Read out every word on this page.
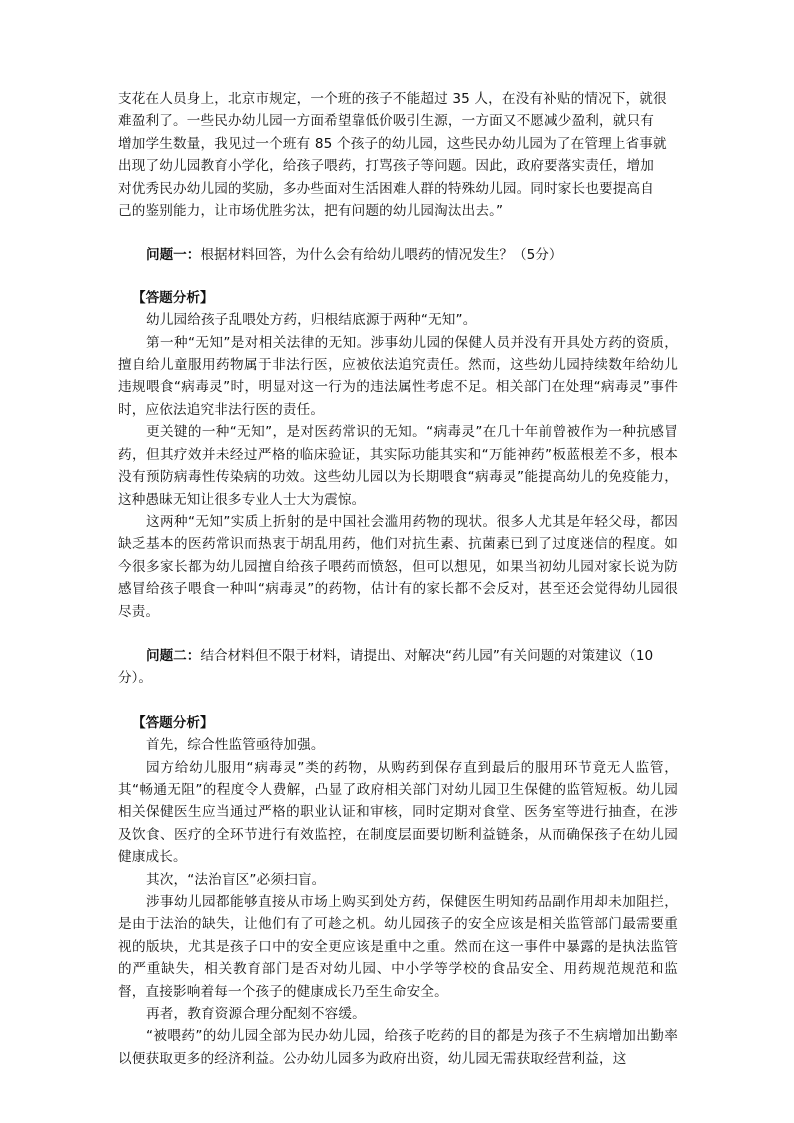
支花在人员身上，北京市规定，一个班的孩子不能超过 35 人，在没有补贴的情况下，就很

难盈利了。一些民办幼儿园一方面希望靠低价吸引生源，一方面又不愿减少盈利，就只有

增加学生数量，我见过一个班有 85 个孩子的幼儿园，这些民办幼儿园为了在管理上省事就

出现了幼儿园教育小学化，给孩子喂药，打骂孩子等问题。因此，政府要落实责任，增加

对优秀民办幼儿园的奖励，多办些面对生活困难人群的特殊幼儿园。同时家长也要提高自

己的鉴别能力，让市场优胜劣汰，把有问题的幼儿园淘汰出去。”

问题一：根据材料回答，为什么会有给幼儿喂药的情况发生？（5分）

【答题分析】

幼儿园给孩子乱喂处方药，归根结底源于两种“无知”。

第一种“无知”是对相关法律的无知。涉事幼儿园的保健人员并没有开具处方药的资质，擅自给儿童服用药物属于非法行医，应被依法追究责任。然而，这些幼儿园持续数年给幼儿违规喂食“病毒灵”时，明显对这一行为的违法属性考虑不足。相关部门在处理“病毒灵”事件时，应依法追究非法行医的责任。

更关键的一种“无知”，是对医药常识的无知。“病毒灵”在几十年前曾被作为一种抗感冒药，但其疗效并未经过严格的临床验证，其实际功能其实和“万能神药”板蓝根差不多，根本没有预防病毒性传染病的功效。这些幼儿园以为长期喂食“病毒灵”能提高幼儿的免疫能力，这种愚昧无知让很多专业人士大为震惊。

这两种“无知”实质上折射的是中国社会滥用药物的现状。很多人尤其是年轻父母，都因缺乏基本的医药常识而热衷于胡乱用药，他们对抗生素、抗菌素已到了过度迷信的程度。如今很多家长都为幼儿园擅自给孩子喂药而愤怒，但可以想见，如果当初幼儿园对家长说为防感冒给孩子喂食一种叫“病毒灵”的药物，估计有的家长都不会反对，甚至还会觉得幼儿园很尽责。

问题二：结合材料但不限于材料，请提出、对解决“药儿园”有关问题的对策建议（10分）。

【答题分析】

首先，综合性监管亟待加强。

园方给幼儿服用“病毒灵”类的药物，从购药到保存直到最后的服用环节竟无人监管，其“畅通无阻”的程度令人费解，凸显了政府相关部门对幼儿园卫生保健的监管短板。幼儿园相关保健医生应当通过严格的职业认证和审核，同时定期对食堂、医务室等进行抽查，在涉及饮食、医疗的全环节进行有效监控，在制度层面要切断利益链条，从而确保孩子在幼儿园健康成长。

其次，“法治盲区”必须扫盲。

涉事幼儿园都能够直接从市场上购买到处方药，保健医生明知药品副作用却未加阻拦，是由于法治的缺失，让他们有了可趁之机。幼儿园孩子的安全应该是相关监管部门最需要重视的版块，尤其是孩子口中的安全更应该是重中之重。然而在这一事件中暴露的是执法监管的严重缺失，相关教育部门是否对幼儿园、中小学等学校的食品安全、用药规范规范和监督，直接影响着每一个孩子的健康成长乃至生命安全。

再者，教育资源合理分配刻不容缓。

“被喂药”的幼儿园全部为民办幼儿园，给孩子吃药的目的都是为孩子不生病增加出勤率以便获取更多的经济利益。公办幼儿园多为政府出资，幼儿园无需获取经营利益，这
